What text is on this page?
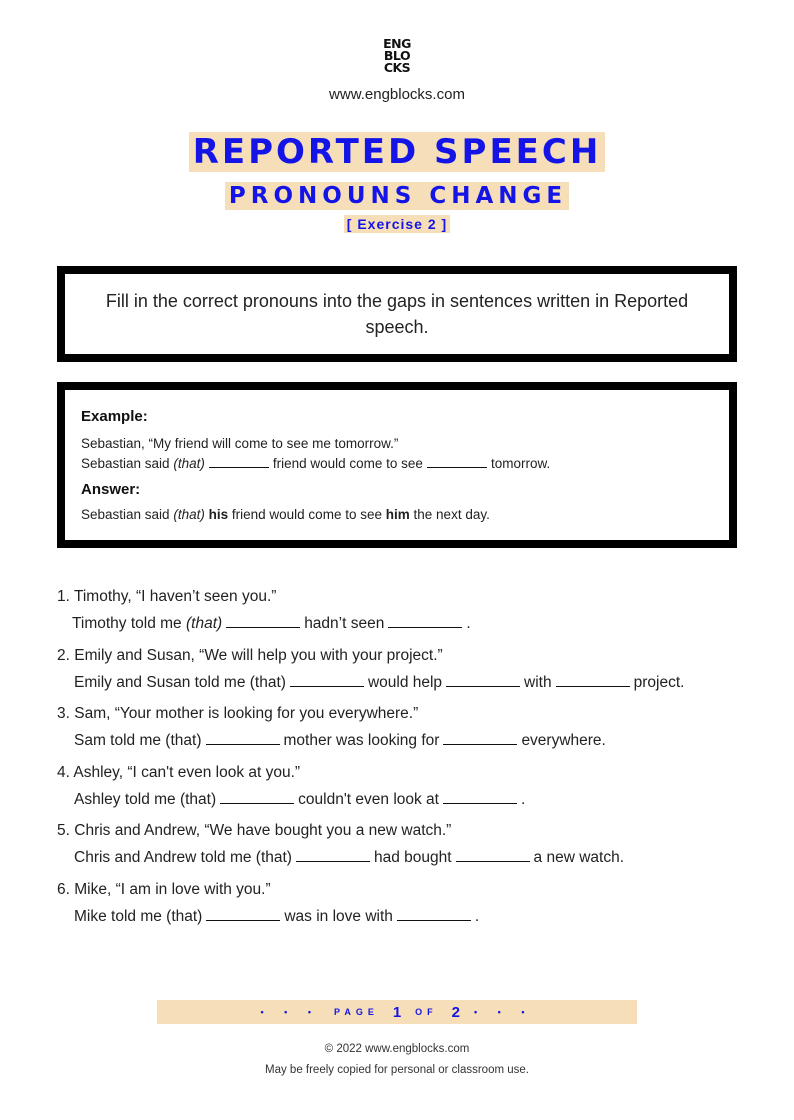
ENG
BLO
CKS
www.engblocks.com
REPORTED SPEECH
PRONOUNS CHANGE
[ Exercise 2 ]
Fill in the correct pronouns into the gaps in sentences written in Reported speech.
Example:
Sebastian, “My friend will come to see me tomorrow.”
Sebastian said (that)	friend would come to see	tomorrow.
Answer:
Sebastian said (that) his friend would come to see him the next day.
1. Timothy, “I haven’t seen you.”
Timothy told me (that)	hadn’t seen	.
2. Emily and Susan, “We will help you with your project.”
Emily and Susan told me (that)	would help	with	project.
3. Sam, “Your mother is looking for you everywhere.”
Sam told me (that)	mother was looking for	everywhere.
4. Ashley, “I can't even look at you.”
Ashley told me (that)	couldn't even look at	.
5. Chris and Andrew, “We have bought you a new watch.”
Chris and Andrew told me (that)	had bought	a new watch.
6. Mike, “I am in love with you.”
Mike told me (that)	was in love with	.
• • • PAGE 1 OF 2 • • •
© 2022 www.engblocks.com
May be freely copied for personal or classroom use.
